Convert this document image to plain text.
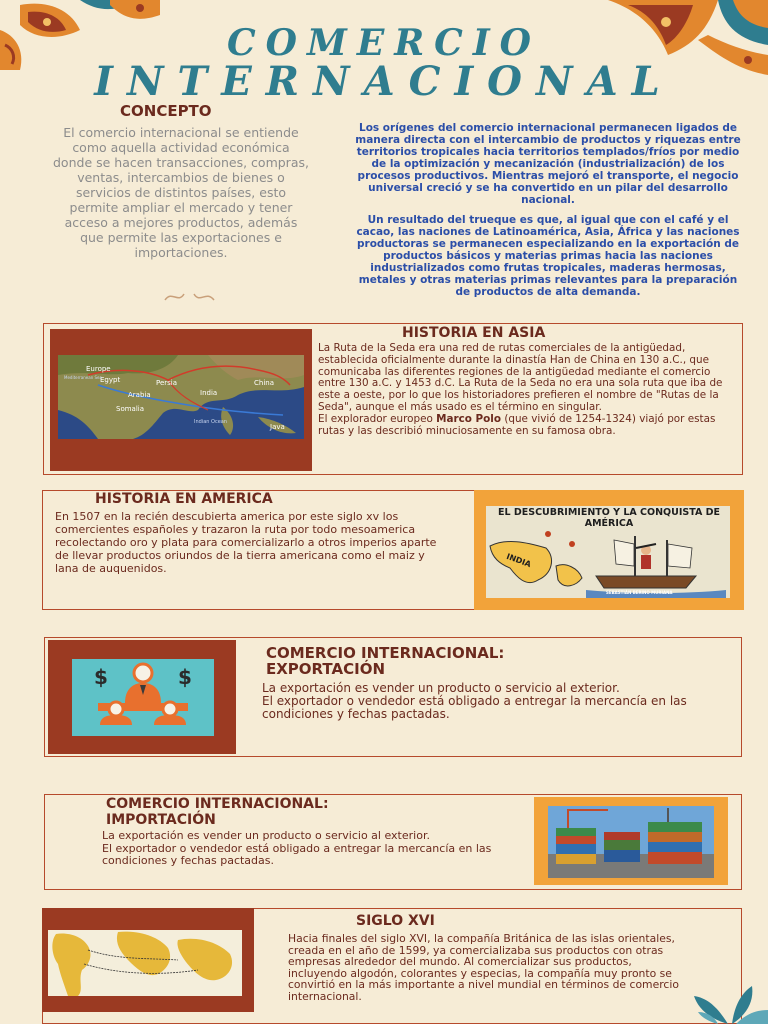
COMERCIO
INTERNACIONAL
CONCEPTO
El comercio internacional se entiende como aquella actividad económica donde se hacen transacciones, compras, ventas, intercambios de bienes o servicios de distintos países, esto permite ampliar el mercado y tener acceso a mejores productos, además que permite las exportaciones e importaciones.
Los orígenes del comercio internacional permanecen ligados de manera directa con el intercambio de productos y riquezas entre territorios tropicales hacia territorios templados/fríos por medio de la optimización y mecanización (industrialización) de los procesos productivos. Mientras mejoró el transporte, el negocio universal creció y se ha convertido en un pilar del desarrollo nacional.
Un resultado del trueque es que, al igual que con el café y el cacao, las naciones de Latinoamérica, Asia, África y las naciones productoras se permanecen especializando en la exportación de productos básicos y materias primas hacia las naciones industrializados como frutas tropicales, maderas hermosas, metales y otras materias primas relevantes para la preparación de productos de alta demanda.
Europe
Egypt
Arabia
Persia
Somalia
India
China
Java
Indian Ocean
Mediterranean Sea
HISTORIA EN ASIA
La Ruta de la Seda era una red de rutas comerciales de la antigüedad, establecida oficialmente durante la dinastía Han de China en 130 a.C., que comunicaba las diferentes regiones de la antigüedad mediante el comercio entre 130 a.C. y 1453 d.C. La Ruta de la Seda no era una sola ruta que iba de este a oeste, por lo que los historiadores prefieren el nombre de "Rutas de la Seda", aunque el más usado es el término en singular.
El explorador europeo Marco Polo (que vivió de 1254-1324) viajó por estas rutas y las describió minuciosamente en su famosa obra.
HISTORIA EN AMERICA
En 1507 en la recién descubierta america por este siglo xv los comercientes españoles y trazaron la ruta por todo mesoamerica recolectando oro y plata para comercializarlo a otros imperios aparte de llevar productos oriundos de la tierra americana como el maiz y lana de auquenidos.
EL DESCUBRIMIENTO Y LA CONQUISTA DE AMÉRICA
INDIA
SEBASTIÁN BERINO MURIANA
$	$
COMERCIO INTERNACIONAL:
EXPORTACIÓN
La exportación es vender un producto o servicio al exterior.
El exportador o vendedor está obligado a entregar la mercancía en las condiciones y fechas pactadas.
COMERCIO INTERNACIONAL:
IMPORTACIÓN
La exportación es vender un producto o servicio al exterior.
El exportador o vendedor está obligado a entregar la mercancía en las condiciones y fechas pactadas.
SIGLO XVI
Hacia finales del siglo XVI, la compañía Británica de las islas orientales, creada en el año de 1599, ya comercializaba sus productos con otras empresas alrededor del mundo. Al comercializar sus productos, incluyendo algodón, colorantes y especias, la compañía muy pronto se convirtió en la más importante a nivel mundial en términos de comercio internacional.
